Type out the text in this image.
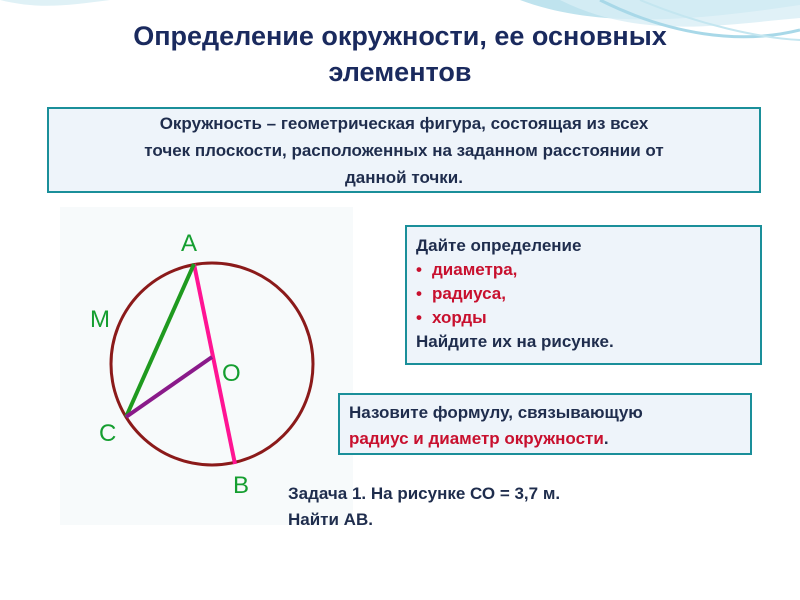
Определение окружности, ее основных
элементов
Окружность – геометрическая фигура, состоящая из всех
точек плоскости, расположенных на заданном расстоянии от
данной точки.
А
M
O
С
В
Дайте определение
• диаметра,
• радиуса,
• хорды
Найдите их на рисунке.
Назовите формулу, связывающую
радиус и диаметр окружности.
Задача 1. На рисунке СО = 3,7 м.
Найти АВ.
